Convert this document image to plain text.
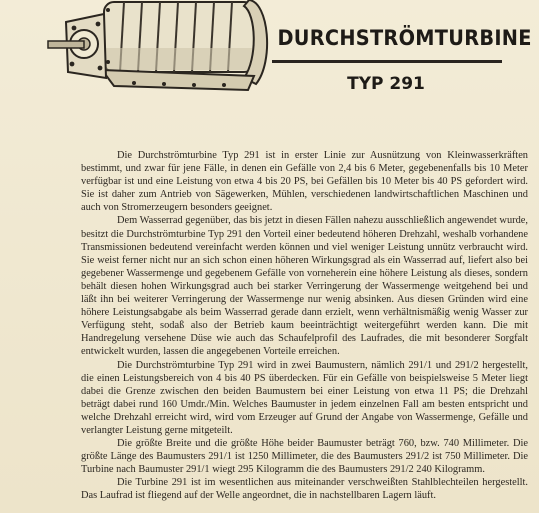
DURCHSTRÖMTURBINE
TYP 291

Die Durchströmturbine Typ 291 ist in erster Linie zur Ausnützung von Kleinwasserkräften bestimmt, und zwar für jene Fälle, in denen ein Gefälle von 2,4 bis 6 Meter, gegebenenfalls bis 10 Meter verfügbar ist und eine Leistung von etwa 4 bis 20 PS, bei Gefällen bis 10 Meter bis 40 PS gefordert wird. Sie ist daher zum Antrieb von Sägewerken, Mühlen, verschiedenen landwirtschaftlichen Maschinen und auch von Stromerzeugern besonders geeignet.

Dem Wasserrad gegenüber, das bis jetzt in diesen Fällen nahezu ausschließlich angewendet wurde, besitzt die Durchströmturbine Typ 291 den Vorteil einer bedeutend höheren Drehzahl, weshalb vorhandene Transmissionen bedeutend vereinfacht werden können und viel weniger Leistung unnütz verbraucht wird. Sie weist ferner nicht nur an sich schon einen höheren Wirkungsgrad als ein Wasserrad auf, liefert also bei gegebener Wassermenge und gegebenem Gefälle von vorneherein eine höhere Leistung als dieses, sondern behält diesen hohen Wirkungsgrad auch bei starker Verringerung der Wassermenge weitgehend bei und läßt ihn bei weiterer Verringerung der Wassermenge nur wenig absinken. Aus diesen Gründen wird eine höhere Leistungsabgabe als beim Wasserrad gerade dann erzielt, wenn verhältnismäßig wenig Wasser zur Verfügung steht, sodaß also der Betrieb kaum beeinträchtigt weitergeführt werden kann. Die mit Handregelung versehene Düse wie auch das Schaufelprofil des Laufrades, die mit besonderer Sorgfalt entwickelt wurden, lassen die angegebenen Vorteile erreichen.

Die Durchströmturbine Typ 291 wird in zwei Baumustern, nämlich 291/1 und 291/2 hergestellt, die einen Leistungsbereich von 4 bis 40 PS überdecken. Für ein Gefälle von beispielsweise 5 Meter liegt dabei die Grenze zwischen den beiden Baumustern bei einer Leistung von etwa 11 PS; die Drehzahl beträgt dabei rund 160 Umdr./Min. Welches Baumuster in jedem einzelnen Fall am besten entspricht und welche Drehzahl erreicht wird, wird vom Erzeuger auf Grund der Angabe von Wassermenge, Gefälle und verlangter Leistung gerne mitgeteilt.

Die größte Breite und die größte Höhe beider Baumuster beträgt 760, bzw. 740 Millimeter. Die größte Länge des Baumusters 291/1 ist 1250 Millimeter, die des Baumusters 291/2 ist 750 Millimeter. Die Turbine nach Baumuster 291/1 wiegt 295 Kilogramm die des Baumusters 291/2 240 Kilogramm.

Die Turbine 291 ist im wesentlichen aus miteinander verschweißten Stahlblechteilen hergestellt. Das Laufrad ist fliegend auf der Welle angeordnet, die in nachstellbaren Lagern läuft.
